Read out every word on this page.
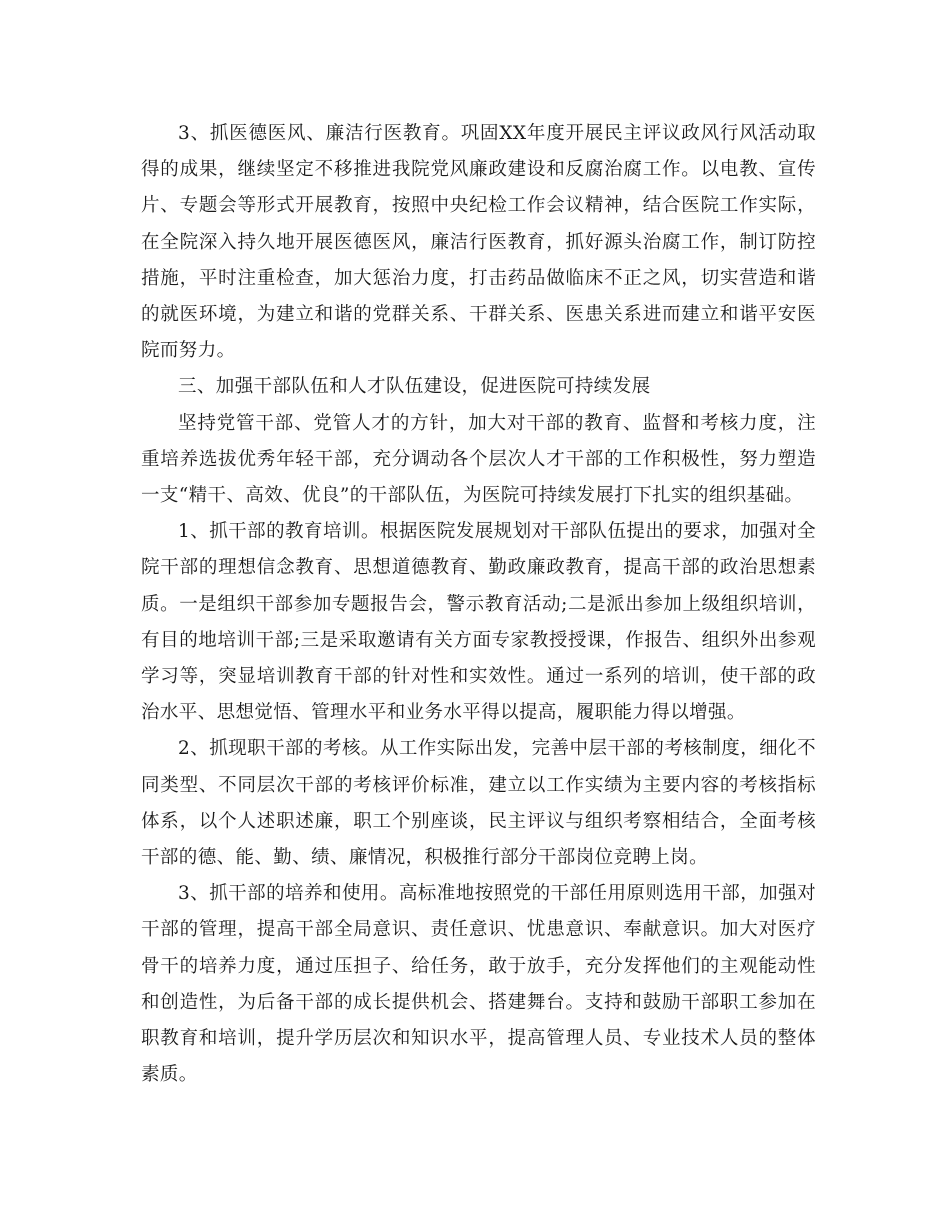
3、抓医德医风、廉洁行医教育。巩固XX年度开展民主评议政风行风活动取得的成果，继续坚定不移推进我院党风廉政建设和反腐治腐工作。以电教、宣传片、专题会等形式开展教育，按照中央纪检工作会议精神，结合医院工作实际，在全院深入持久地开展医德医风，廉洁行医教育，抓好源头治腐工作，制订防控措施，平时注重检查，加大惩治力度，打击药品做临床不正之风，切实营造和谐的就医环境，为建立和谐的党群关系、干群关系、医患关系进而建立和谐平安医院而努力。

三、加强干部队伍和人才队伍建设，促进医院可持续发展

坚持党管干部、党管人才的方针，加大对干部的教育、监督和考核力度，注重培养选拔优秀年轻干部，充分调动各个层次人才干部的工作积极性，努力塑造一支“精干、高效、优良”的干部队伍，为医院可持续发展打下扎实的组织基础。

1、抓干部的教育培训。根据医院发展规划对干部队伍提出的要求，加强对全院干部的理想信念教育、思想道德教育、勤政廉政教育，提高干部的政治思想素质。一是组织干部参加专题报告会，警示教育活动;二是派出参加上级组织培训，有目的地培训干部;三是采取邀请有关方面专家教授授课，作报告、组织外出参观学习等，突显培训教育干部的针对性和实效性。通过一系列的培训，使干部的政治水平、思想觉悟、管理水平和业务水平得以提高，履职能力得以增强。

2、抓现职干部的考核。从工作实际出发，完善中层干部的考核制度，细化不同类型、不同层次干部的考核评价标准，建立以工作实绩为主要内容的考核指标体系，以个人述职述廉，职工个别座谈，民主评议与组织考察相结合，全面考核干部的德、能、勤、绩、廉情况，积极推行部分干部岗位竞聘上岗。

3、抓干部的培养和使用。高标准地按照党的干部任用原则选用干部，加强对干部的管理，提高干部全局意识、责任意识、忧患意识、奉献意识。加大对医疗骨干的培养力度，通过压担子、给任务，敢于放手，充分发挥他们的主观能动性和创造性，为后备干部的成长提供机会、搭建舞台。支持和鼓励干部职工参加在职教育和培训，提升学历层次和知识水平，提高管理人员、专业技术人员的整体素质。
